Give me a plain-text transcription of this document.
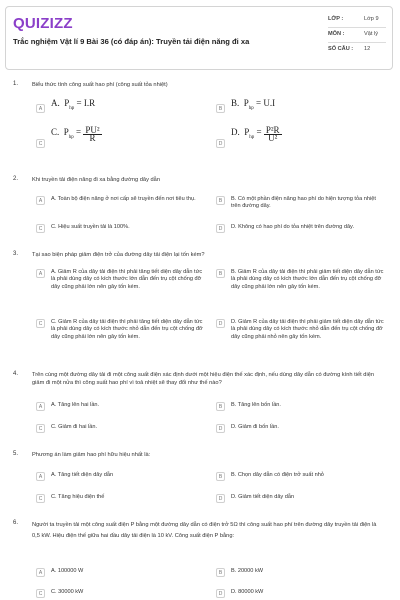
QUIZIZZ
Trắc nghiệm Vật lí 9 Bài 36 (có đáp án): Truyền tải điện năng đi xa
LỚP :	Lớp 9
MÔN :	Vật lý
SỐ CÂU : 12
1. Biểu thức tính công suất hao phí (công suất tỏa nhiệt)
A
A.  $P_{hp} = I.R$
B
B.  $P_{hp} = U.I$
C
C.  $P_{hp} = \frac{\text{PU²}}{R}$
D
D.  $P_{hp} = \frac{\text{P²R}}{\text{U²}}$
2. Khi truyền tải điện năng đi xa bằng đường dây dẫn
A	A. Toàn bộ điện năng ở nơi cấp sẽ truyền đến nơi tiêu thụ.	B	B. Có một phần điện năng hao phí do hiện tượng tỏa nhiệt trên đường dây.
C	C. Hiệu suất truyền tải là 100%.	D	D. Không có hao phí do tỏa nhiệt trên đường dây.
3. Tại sao biện pháp giảm điện trở của đường dây tải điện lại tốn kém?
A	A. Giảm R của dây tải điện thì phải tăng tiết diện dây dẫn tức là phải dùng dây có kích thước lớn dẫn đến trụ cột chống đỡ dây cũng phải lớn nên gây tốn kém.
B	B. Giảm R của dây tải điện thì phải giảm tiết diện dây dẫn tức là phải dùng dây có kích thước lớn dẫn đến trụ cột chống đỡ dây cũng phải lớn nên gây tốn kém.
C	C. Giảm R của dây tải điện thì phải tăng tiết diện dây dẫn tức là phải dùng dây có kích thước nhỏ dẫn đến trụ cột chống đỡ dây cũng phải lớn nên gây tốn kém.
D	D. Giảm R của dây tải điện thì phải giảm tiết diện dây dẫn tức là phải dùng dây có kích thước nhỏ dẫn đến trụ cột chống đỡ dây cũng phải nhỏ nên gây tốn kém.
4. Trên cùng một đường dây tải đi một công suất điện xác định dưới một hiệu điện thế xác định, nếu dùng dây dẫn có đường kính tiết diện giảm đi một nửa thì công suất hao phí vì toả nhiệt sẽ thay đổi như thế nào?
A	A. Tăng lên hai lần.	B	B. Tăng lên bốn lần.
C	C. Giảm đi hai lần.	D	D. Giảm đi bốn lần.
5. Phương án làm giảm hao phí hữu hiệu nhất là:
A	A. Tăng tiết diện dây dẫn	B	B. Chọn dây dẫn có điện trở suất nhỏ
C	C. Tăng hiệu điện thế	D	D. Giảm tiết diện dây dẫn
6. Người ta truyền tải một công suất điện P bằng một đường dây dẫn có điện trở 5Ω thì công suất hao phí trên đường dây truyền tải điện là 0,5 kW. Hiệu điện thế giữa hai đầu dây tải điện là 10 kV. Công suất điện P bằng:
A	A. 100000 W	B	B. 20000 kW
C	C. 30000 kW	D	D. 80000 kW
